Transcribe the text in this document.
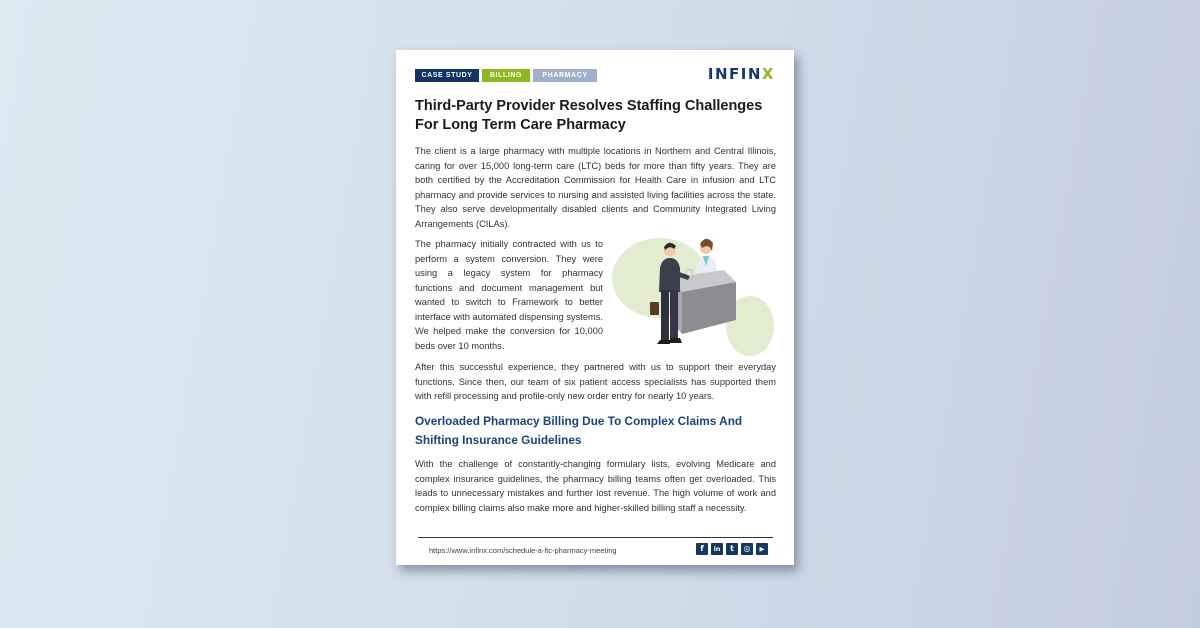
CASE STUDY	BILLING	PHARMACY	INFINX
Third-Party Provider Resolves Staffing Challenges For Long Term Care Pharmacy

The client is a large pharmacy with multiple locations in Northern and Central Illinois, caring for over 15,000 long-term care (LTC) beds for more than fifty years. They are both certified by the Accreditation Commission for Health Care in infusion and LTC pharmacy and provide services to nursing and assisted living facilities across the state. They also serve developmentally disabled clients and Community Integrated Living Arrangements (CILAs).

The pharmacy initially contracted with us to perform a system conversion. They were using a legacy system for pharmacy functions and document management but wanted to switch to Framework to better interface with automated dispensing systems. We helped make the conversion for 10,000 beds over 10 months.

After this successful experience, they partnered with us to support their everyday functions. Since then, our team of six patient access specialists has supported them with refill processing and profile-only new order entry for nearly 10 years.

Overloaded Pharmacy Billing Due To Complex Claims And Shifting Insurance Guidelines

With the challenge of constantly-changing formulary lists, evolving Medicare and complex insurance guidelines, the pharmacy billing teams often get overloaded. This leads to unnecessary mistakes and further lost revenue. The high volume of work and complex billing claims also make more and higher-skilled billing staff a necessity.

https://www.infinx.com/schedule-a-ltc-pharmacy-meeting	f	in	t	◎	▶
